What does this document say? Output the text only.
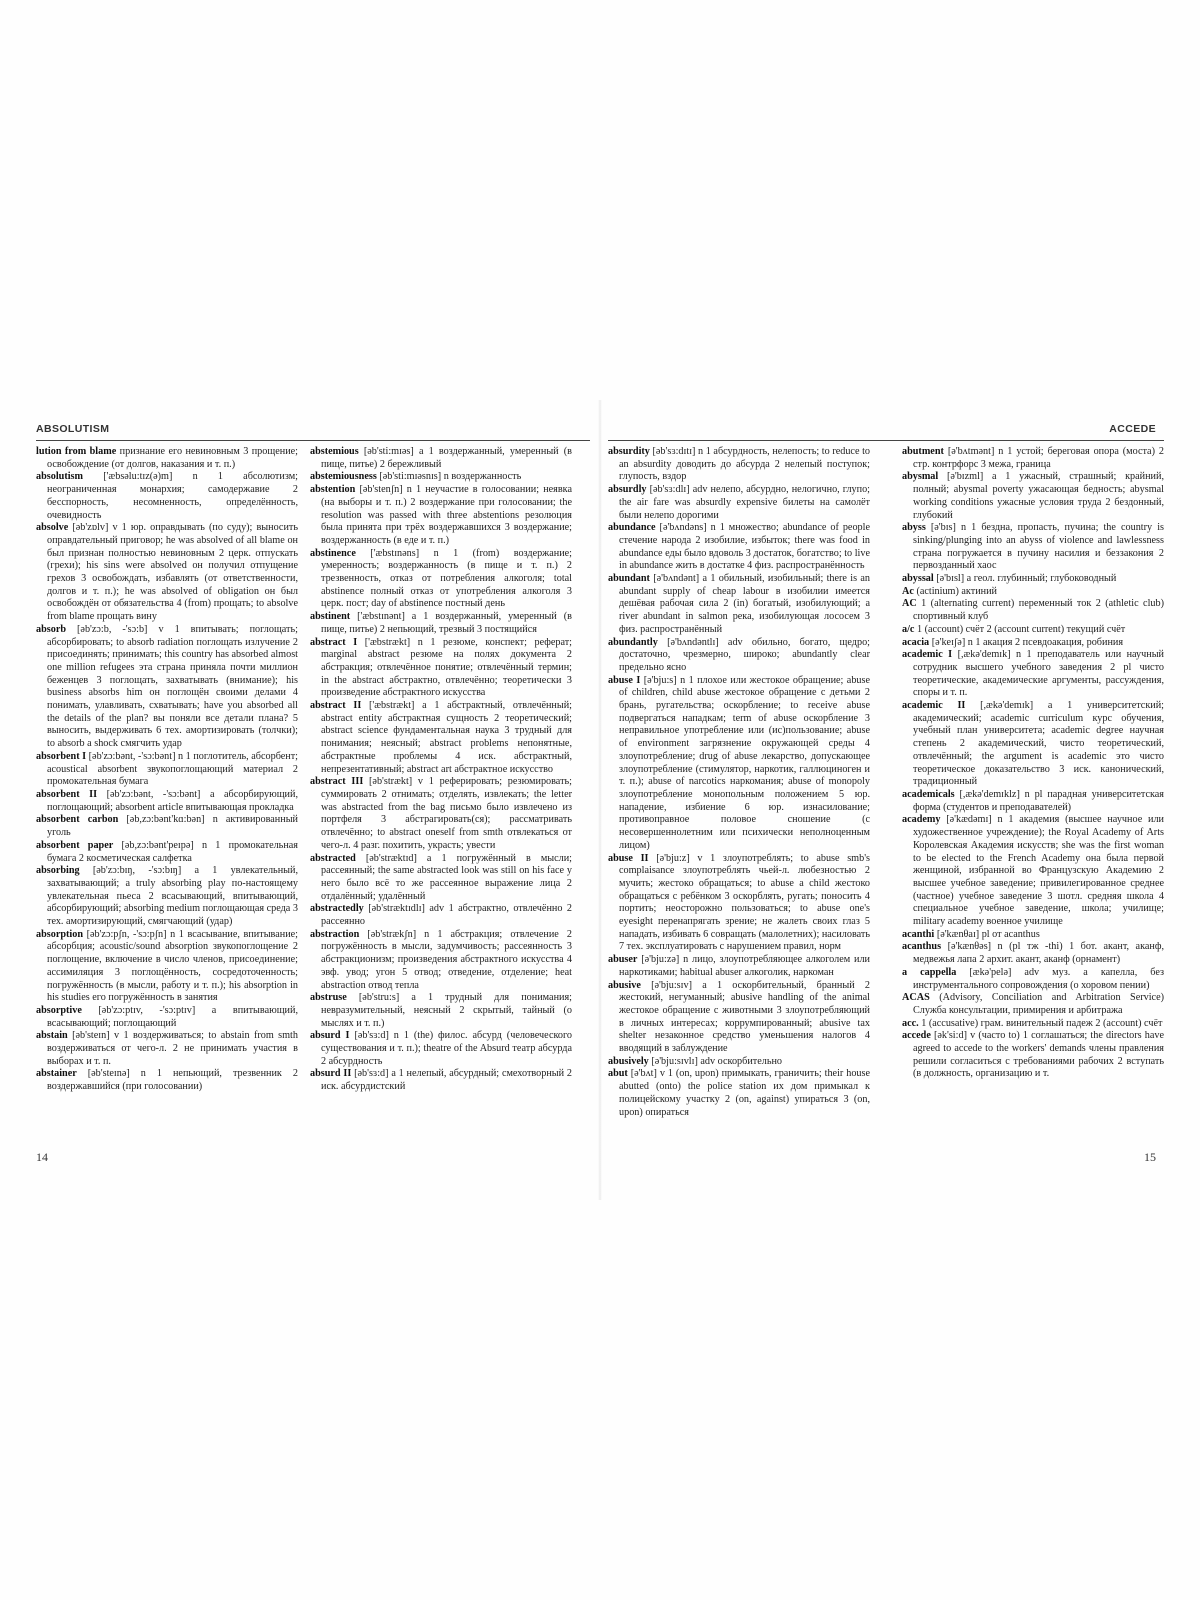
ABSOLUTISM

lution from blame признание его невиновным 3 прощение; освобождение (от долгов, наказания и т. п.)

absolutism ['æbsəlu:tɪz(ə)m] n 1 абсолютизм; неограниченная монархия; самодержавие 2 бесспорность, несомненность, определённость, очевидность

absolve [əb'zɒlv] v 1 юр. оправдывать (по суду); выносить оправдательный приговор; he was absolved of all blame он был признан полностью невиновным 2 церк. отпускать (грехи); his sins were absolved он получил отпущение грехов 3 освобождать, избавлять (от ответственности, долгов и т. п.); he was absolved of obligation он был освобождён от обязательства 4 (from) прощать; to absolve from blame прощать вину

absorb [əb'zɔ:b, -'sɔ:b] v 1 впитывать; поглощать; абсорбировать; to absorb radiation поглощать излучение 2 присоединять; принимать; this country has absorbed almost one million refugees эта страна приняла почти миллион беженцев 3 поглощать, захватывать (внимание); his business absorbs him он поглощён своими делами 4 понимать, улавливать, схватывать; have you absorbed all the details of the plan? вы поняли все детали плана? 5 выносить, выдерживать 6 тех. амортизировать (толчки); to absorb a shock смягчить удар

absorbent I [əb'zɔ:bənt, -'sɔ:bənt] n 1 поглотитель, абсорбент; acoustical absorbent звукопоглощающий материал 2 промокательная бумага

absorbent II [əb'zɔ:bənt, -'sɔ:bənt] a абсорбирующий, поглощающий; absorbent article впитывающая прокладка

absorbent carbon [əb,zɔ:bənt'kɑ:bən] n активированный уголь

absorbent paper [əb,zɔ:bənt'peɪpə] n 1 промокательная бумага 2 косметическая салфетка

absorbing [əb'zɔ:bɪŋ, -'sɔ:bɪŋ] a 1 увлекательный, захватывающий; a truly absorbing play по-настоящему увлекательная пьеса 2 всасывающий, впитывающий, абсорбирующий; absorbing medium поглощающая среда 3 тех. амортизирующий, смягчающий (удар)

absorption [əb'zɔ:pʃn, -'sɔ:pʃn] n 1 всасывание, впитывание; абсорбция; acoustic/sound absorption звукопоглощение 2 поглощение, включение в число членов, присоединение; ассимиляция 3 поглощённость, сосредоточенность; погружённость (в мысли, работу и т. п.); his absorption in his studies его погружённость в занятия

absorptive [əb'zɔ:ptɪv, -'sɔ:ptɪv] a впитывающий, всасывающий; поглощающий

abstain [əb'steɪn] v 1 воздерживаться; to abstain from smth воздерживаться от чего-л. 2 не принимать участия в выборах и т. п.

abstainer [əb'steɪnə] n 1 непьющий, трезвенник 2 воздержавшийся (при голосовании)

abstemious [əb'sti:mɪəs] a 1 воздержанный, умеренный (в пище, питье) 2 бережливый

abstemiousness [əb'sti:mɪəsnɪs] n воздержанность

abstention [əb'stenʃn] n 1 неучастие в голосовании; неявка (на выборы и т. п.) 2 воздержание при голосовании; the resolution was passed with three abstentions резолюция была принята при трёх воздержавшихся 3 воздержание; воздержанность (в еде и т. п.)

abstinence ['æbstɪnəns] n 1 (from) воздержание; умеренность; воздержанность (в пище и т. п.) 2 трезвенность, отказ от потребления алкоголя; total abstinence полный отказ от употребления алкоголя 3 церк. пост; day of abstinence постный день

abstinent ['æbstɪnənt] a 1 воздержанный, умеренный (в пище, питье) 2 непьющий, трезвый 3 постящийся

abstract I ['æbstrækt] n 1 резюме, конспект; реферат; marginal abstract резюме на полях документа 2 абстракция; отвлечённое понятие; отвлечённый термин; in the abstract абстрактно, отвлечённо; теоретически 3 произведение абстрактного искусства

abstract II ['æbstrækt] a 1 абстрактный, отвлечённый; abstract entity абстрактная сущность 2 теоретический; abstract science фундаментальная наука 3 трудный для понимания; неясный; abstract problems непонятные, абстрактные проблемы 4 иск. абстрактный, непрезентативный; abstract art абстрактное искусство

abstract III [əb'strækt] v 1 реферировать; резюмировать; суммировать 2 отнимать; отделять, извлекать; the letter was abstracted from the bag письмо было извлечено из портфеля 3 абстрагировать(ся); рассматривать отвлечённо; to abstract oneself from smth отвлекаться от чего-л. 4 разг. похитить, украсть; увести

abstracted [əb'stræktɪd] a 1 погружённый в мысли; рассеянный; the same abstracted look was still on his face у него было всё то же рассеянное выражение лица 2 отдалённый; удалённый

abstractedly [əb'stræktɪdlɪ] adv 1 абстрактно, отвлечённо 2 рассеянно

abstraction [əb'strækʃn] n 1 абстракция; отвлечение 2 погружённость в мысли, задумчивость; рассеянность 3 абстракционизм; произведения абстрактного искусства 4 эвф. увод; угон 5 отвод; отведение, отделение; heat abstraction отвод тепла

abstruse [əb'stru:s] a 1 трудный для понимания; невразумительный, неясный 2 скрытый, тайный (о мыслях и т. п.)

absurd I [əb'sɜ:d] n 1 (the) филос. абсурд (человеческого существования и т. п.); theatre of the Absurd театр абсурда 2 абсурдность

absurd II [əb'sɜ:d] a 1 нелепый, абсурдный; смехотворный 2 иск. абсурдистский

14
ACCEDE

absurdity [əb'sɜ:dɪtɪ] n 1 абсурдность, нелепость; to reduce to an absurdity доводить до абсурда 2 нелепый поступок; глупость, вздор

absurdly [əb'sɜ:dlɪ] adv нелепо, абсурдно, нелогично, глупо; the air fare was absurdly expensive билеты на самолёт были нелепо дорогими

abundance [ə'bʌndəns] n 1 множество; abundance of people стечение народа 2 изобилие, избыток; there was food in abundance еды было вдоволь 3 достаток, богатство; to live in abundance жить в достатке 4 физ. распространённость

abundant [ə'bʌndənt] a 1 обильный, изобильный; there is an abundant supply of cheap labour в изобилии имеется дешёвая рабочая сила 2 (in) богатый, изобилующий; a river abundant in salmon река, изобилующая лососем 3 физ. распространённый

abundantly [ə'bʌndəntlɪ] adv обильно, богато, щедро; достаточно, чрезмерно, широко; abundantly clear предельно ясно

abuse I [ə'bju:s] n 1 плохое или жестокое обращение; abuse of children, child abuse жестокое обращение с детьми 2 брань, ругательства; оскорбление; to receive abuse подвергаться нападкам; term of abuse оскорбление 3 неправильное употребление или (ис)пользование; abuse of environment загрязнение окружающей среды 4 злоупотребление; drug of abuse лекарство, допускающее злоупотребление (стимулятор, наркотик, галлюциноген и т. п.); abuse of narcotics наркомания; abuse of monopoly злоупотребление монопольным положением 5 юр. нападение, избиение 6 юр. изнасилование; противоправное половое сношение (с несовершеннолетним или психически неполноценным лицом)

abuse II [ə'bju:z] v 1 злоупотреблять; to abuse smb's complaisance злоупотреблять чьей-л. любезностью 2 мучить; жестоко обращаться; to abuse a child жестоко обращаться с ребёнком 3 оскорблять, ругать; поносить 4 портить; неосторожно пользоваться; to abuse one's eyesight перенапрягать зрение; не жалеть своих глаз 5 нападать, избивать 6 совращать (малолетних); насиловать 7 тех. эксплуатировать с нарушением правил, норм

abuser [ə'bju:zə] n лицо, злоупотребляющее алкоголем или наркотиками; habitual abuser алкоголик, наркоман

abusive [ə'bju:sɪv] a 1 оскорбительный, бранный 2 жестокий, негуманный; abusive handling of the animal жестокое обращение с животными 3 злоупотребляющий в личных интересах; коррумпированный; abusive tax shelter незаконное средство уменьшения налогов 4 вводящий в заблуждение

abusively [ə'bju:sɪvlɪ] adv оскорбительно

abut [ə'bʌt] v 1 (on, upon) примыкать, граничить; their house abutted (onto) the police station их дом примыкал к полицейскому участку 2 (on, against) упираться 3 (on, upon) опираться

abutment [ə'bʌtmənt] n 1 устой; береговая опора (моста) 2 стр. контрфорс 3 межа, граница

abysmal [ə'bɪzml] a 1 ужасный, страшный; крайний, полный; abysmal poverty ужасающая бедность; abysmal working conditions ужасные условия труда 2 бездонный, глубокий

abyss [ə'bɪs] n 1 бездна, пропасть, пучина; the country is sinking/plunging into an abyss of violence and lawlessness страна погружается в пучину насилия и беззакония 2 первозданный хаос

abyssal [ə'bɪsl] a геол. глубинный; глубоководный

Ac (actinium) актиний

AC 1 (alternating current) переменный ток 2 (athletic club) спортивный клуб

a/c 1 (account) счёт 2 (account current) текущий счёт

acacia [ə'keɪʃə] n 1 акация 2 псевдоакация, робиния

academic I [,ækə'demɪk] n 1 преподаватель или научный сотрудник высшего учебного заведения 2 pl чисто теоретические, академические аргументы, рассуждения, споры и т. п.

academic II [,ækə'demɪk] a 1 университетский; академический; academic curriculum курс обучения, учебный план университета; academic degree научная степень 2 академический, чисто теоретический, отвлечённый; the argument is academic это чисто теоретическое доказательство 3 иск. канонический, традиционный

academicals [,ækə'demɪklz] n pl парадная университетская форма (студентов и преподавателей)

academy [ə'kædəmɪ] n 1 академия (высшее научное или художественное учреждение); the Royal Academy of Arts Королевская Академия искусств; she was the first woman to be elected to the French Academy она была первой женщиной, избранной во Французскую Академию 2 высшее учебное заведение; привилегированное среднее (частное) учебное заведение 3 шотл. средняя школа 4 специальное учебное заведение, школа; училище; military academy военное училище

acanthi [ə'kænθaɪ] pl от acanthus

acanthus [ə'kænθəs] n (pl тж -thi) 1 бот. акант, аканф, медвежья лапа 2 архит. акант, аканф (орнамент)

a cappella [ækə'pelə] adv муз. а капелла, без инструментального сопровождения (о хоровом пении)

ACAS (Advisory, Conciliation and Arbitration Service) Служба консультации, примирения и арбитража

acc. 1 (accusative) грам. винительный падеж 2 (account) счёт

accede [ək'si:d] v (часто to) 1 соглашаться; the directors have agreed to accede to the workers' demands члены правления решили согласиться с требованиями рабочих 2 вступать (в должность, организацию и т.

15
